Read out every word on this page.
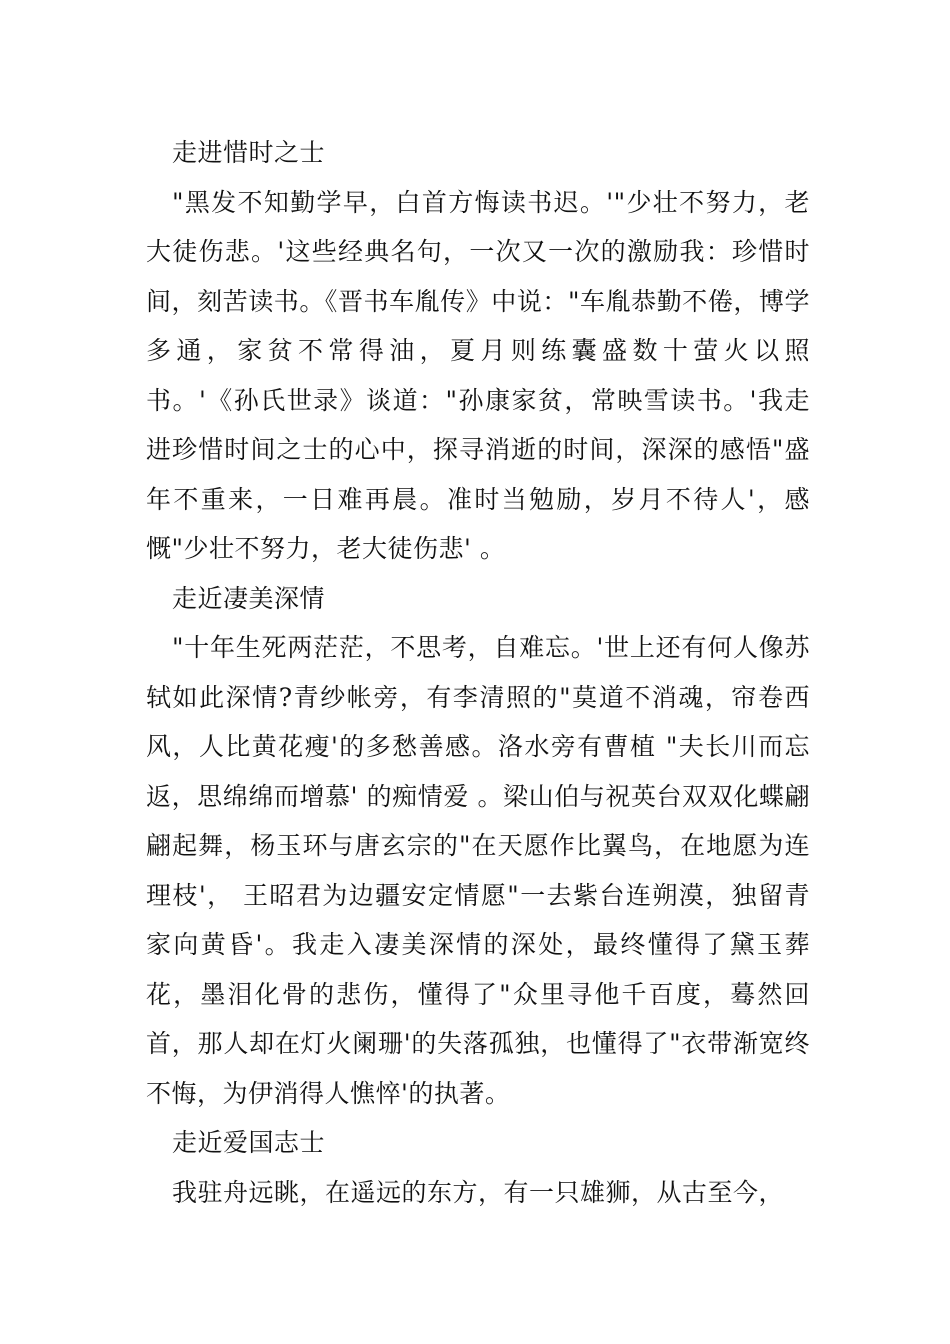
走进惜时之士

"黑发不知勤学早，白首方悔读书迟。'"少壮不努力，老大徒伤悲。'这些经典名句，一次又一次的激励我：珍惜时间，刻苦读书。《晋书车胤传》中说："车胤恭勤不倦，博学多通，家贫不常得油，夏月则练囊盛数十萤火以照书。'《孙氏世录》谈道："孙康家贫，常映雪读书。'我走进珍惜时间之士的心中，探寻消逝的时间，深深的感悟"盛年不重来，一日难再晨。准时当勉励，岁月不待人'，感慨"少壮不努力，老大徒伤悲' 。

走近凄美深情

"十年生死两茫茫，不思考，自难忘。'世上还有何人像苏轼如此深情?青纱帐旁，有李清照的"莫道不消魂，帘卷西风，人比黄花瘦'的多愁善感。洛水旁有曹植 "夫长川而忘返，思绵绵而增慕' 的痴情爱 。梁山伯与祝英台双双化蝶翩翩起舞，杨玉环与唐玄宗的"在天愿作比翼鸟，在地愿为连理枝'， 王昭君为边疆安定情愿"一去紫台连朔漠，独留青家向黄昏'。我走入凄美深情的深处，最终懂得了黛玉葬花，墨泪化骨的悲伤，懂得了"众里寻他千百度，蓦然回首，那人却在灯火阑珊'的失落孤独，也懂得了"衣带渐宽终不悔，为伊消得人憔悴'的执著。

走近爱国志士

我驻舟远眺，在遥远的东方，有一只雄狮，从古至今，
